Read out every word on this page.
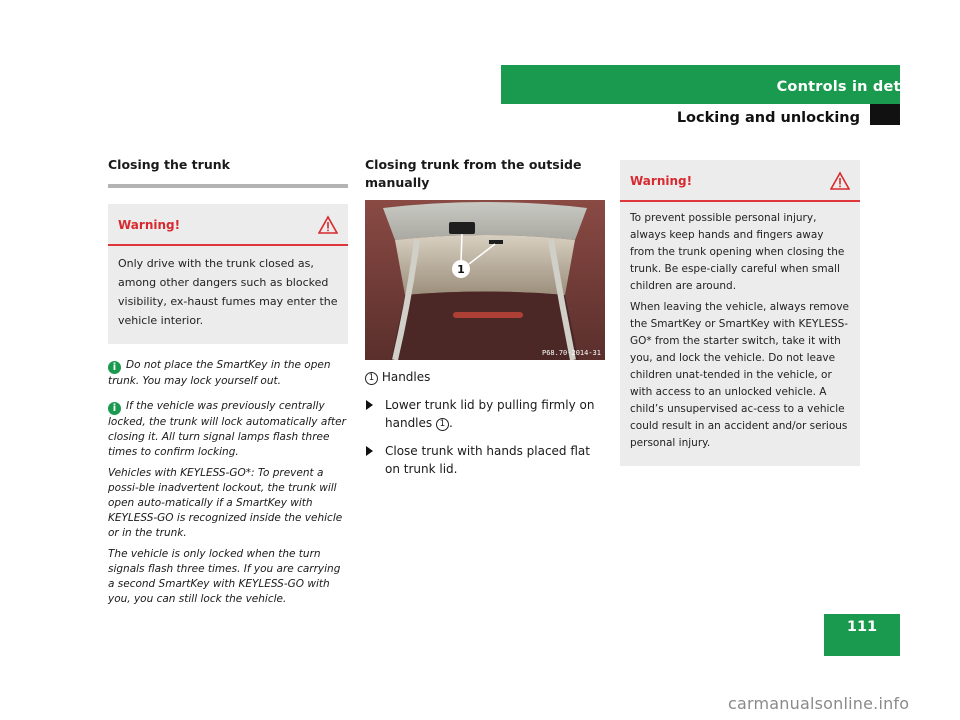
Controls in detail
Locking and unlocking
Closing the trunk
Warning!

Only drive with the trunk closed as, among other dangers such as blocked visibility, ex-haust fumes may enter the vehicle interior.

i Do not place the SmartKey in the open trunk. You may lock yourself out.

i If the vehicle was previously centrally locked, the trunk will lock automatically after closing it. All turn signal lamps flash three times to confirm locking.

Vehicles with KEYLESS-GO*: To prevent a possi-ble inadvertent lockout, the trunk will open auto-matically if a SmartKey with KEYLESS-GO is recognized inside the vehicle or in the trunk.

The vehicle is only locked when the turn signals flash three times. If you are carrying a second SmartKey with KEYLESS-GO with you, you can still lock the vehicle.

Closing trunk from the outside manually
1
P68.70-2014-31
1 Handles
Lower trunk lid by pulling firmly on handles 1 .
Close trunk with hands placed flat on trunk lid.
Warning!

To prevent possible personal injury, always keep hands and fingers away from the trunk opening when closing the trunk. Be espe-cially careful when small children are around.

When leaving the vehicle, always remove the SmartKey or SmartKey with KEYLESS-GO* from the starter switch, take it with you, and lock the vehicle. Do not leave children unat-tended in the vehicle, or with access to an unlocked vehicle. A child’s unsupervised ac-cess to a vehicle could result in an accident and/or serious personal injury.

111
carmanualsonline.info
